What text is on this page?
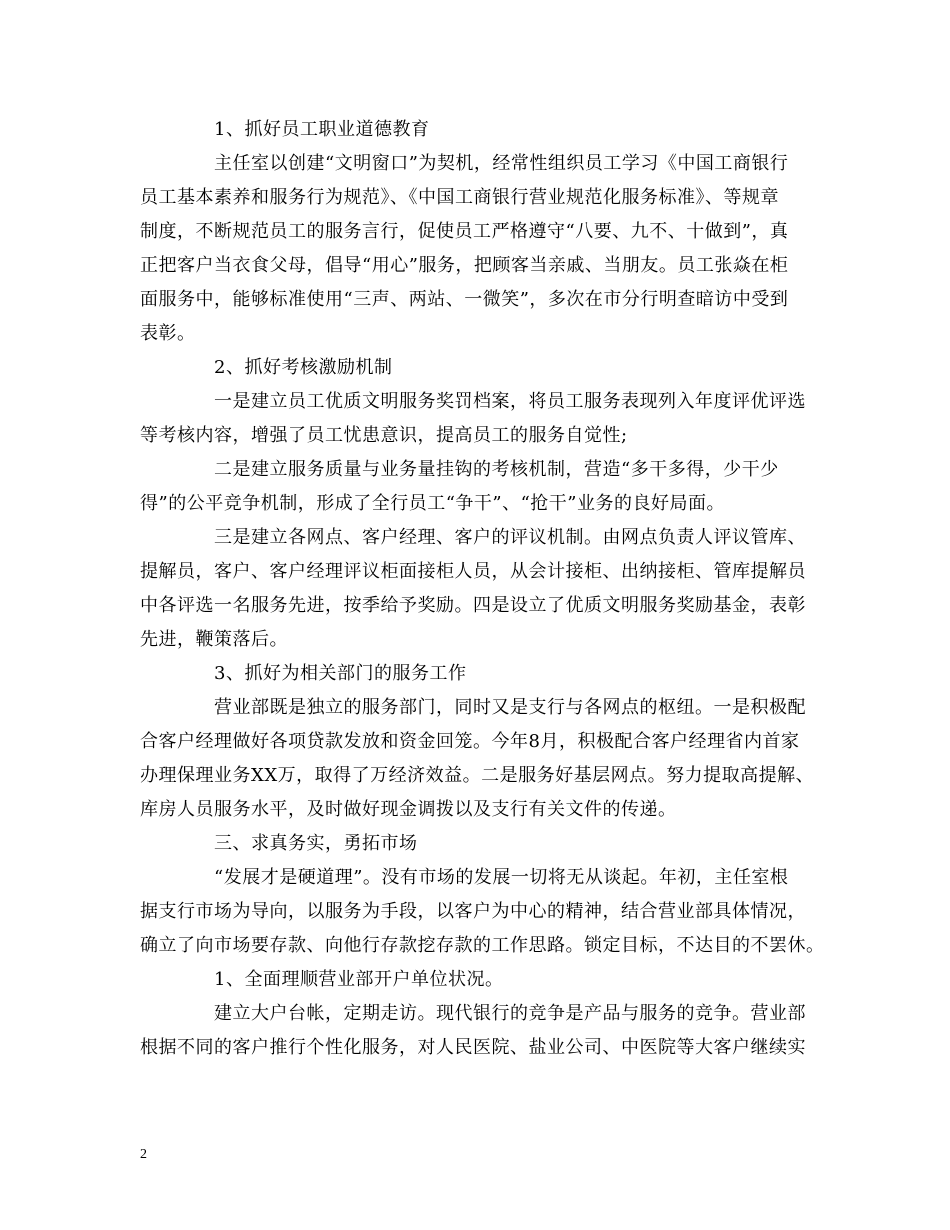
1、抓好员工职业道德教育
主任室以创建“文明窗口”为契机，经常性组织员工学习《中国工商银行
员工基本素养和服务行为规范》、《中国工商银行营业规范化服务标准》、等规章
制度，不断规范员工的服务言行，促使员工严格遵守“八要、九不、十做到”，真
正把客户当衣食父母，倡导“用心”服务，把顾客当亲戚、当朋友。员工张焱在柜
面服务中，能够标准使用“三声、两站、一微笑”，多次在市分行明查暗访中受到
表彰。
2、抓好考核激励机制
一是建立员工优质文明服务奖罚档案，将员工服务表现列入年度评优评选
等考核内容，增强了员工忧患意识，提高员工的服务自觉性;
二是建立服务质量与业务量挂钩的考核机制，营造“多干多得，少干少
得”的公平竞争机制，形成了全行员工“争干”、“抢干”业务的良好局面。
三是建立各网点、客户经理、客户的评议机制。由网点负责人评议管库、
提解员，客户、客户经理评议柜面接柜人员，从会计接柜、出纳接柜、管库提解员
中各评选一名服务先进，按季给予奖励。四是设立了优质文明服务奖励基金，表彰
先进，鞭策落后。
3、抓好为相关部门的服务工作
营业部既是独立的服务部门，同时又是支行与各网点的枢纽。一是积极配
合客户经理做好各项贷款发放和资金回笼。今年8月，积极配合客户经理省内首家
办理保理业务XX万，取得了万经济效益。二是服务好基层网点。努力提取高提解、
库房人员服务水平，及时做好现金调拨以及支行有关文件的传递。
三、求真务实，勇拓市场
“发展才是硬道理”。没有市场的发展一切将无从谈起。年初，主任室根
据支行市场为导向，以服务为手段，以客户为中心的精神，结合营业部具体情况，
确立了向市场要存款、向他行存款挖存款的工作思路。锁定目标，不达目的不罢休。
1、全面理顺营业部开户单位状况。
建立大户台帐，定期走访。现代银行的竞争是产品与服务的竞争。营业部
根据不同的客户推行个性化服务，对人民医院、盐业公司、中医院等大客户继续实
2
